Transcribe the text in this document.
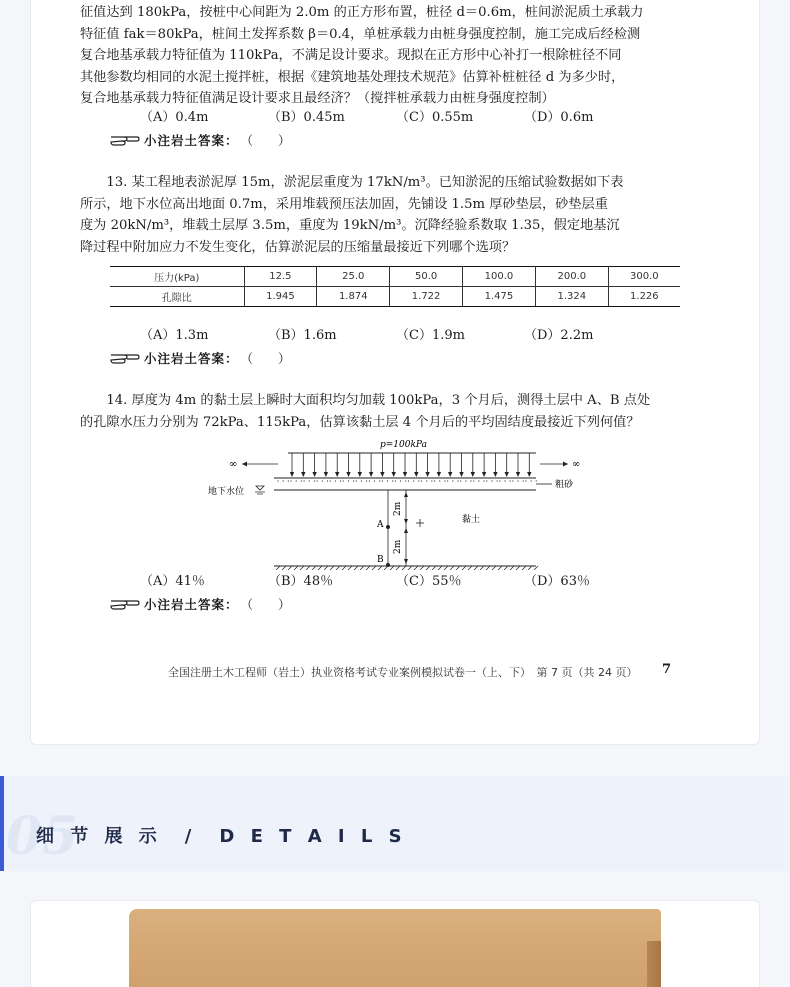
征值达到 180kPa，按桩中心间距为 2.0m 的正方形布置，桩径 d＝0.6m，桩间淤泥质土承载力

特征值 fak＝80kPa，桩间土发挥系数 β＝0.4，单桩承载力由桩身强度控制，施工完成后经检测

复合地基承载力特征值为 110kPa，不满足设计要求。现拟在正方形中心补打一根除桩径不同

其他参数均相同的水泥土搅拌桩，根据《建筑地基处理技术规范》估算补桩桩径 d 为多少时，

复合地基承载力特征值满足设计要求且最经济？（搅拌桩承载力由桩身强度控制）

（A）0.4m	（B）0.45m	（C）0.55m	（D）0.6m
小注岩土答案： （　　）

13. 某工程地表淤泥厚 15m，淤泥层重度为 17kN/m³。已知淤泥的压缩试验数据如下表

所示，地下水位高出地面 0.7m，采用堆载预压法加固，先铺设 1.5m 厚砂垫层，砂垫层重

度为 20kN/m³，堆载土层厚 3.5m，重度为 19kN/m³。沉降经验系数取 1.35，假定地基沉

降过程中附加应力不发生变化，估算淤泥层的压缩量最接近下列哪个选项？

压力(kPa)	12.5	25.0	50.0	100.0	200.0	300.0
孔隙比	1.945	1.874	1.722	1.475	1.324	1.226
（A）1.3m	（B）1.6m	（C）1.9m	（D）2.2m
小注岩土答案： （　　）

14. 厚度为 4m 的黏土层上瞬时大面积均匀加载 100kPa，3 个月后，测得土层中 A、B 点处

的孔隙水压力分别为 72kPa、115kPa，估算该黏土层 4 个月后的平均固结度最接近下列何值？

p=100kPa
∞	∞
粗砂
地下水位
2m
2m
A
B
黏土
（A）41％	（B）48％	（C）55％	（D）63％
小注岩土答案： （　　）
全国注册土木工程师（岩土）执业资格考试专业案例模拟试卷一（上、下）　第 7 页（共 24 页） 7
05
细 节 展 示　/　D E T A I L S
